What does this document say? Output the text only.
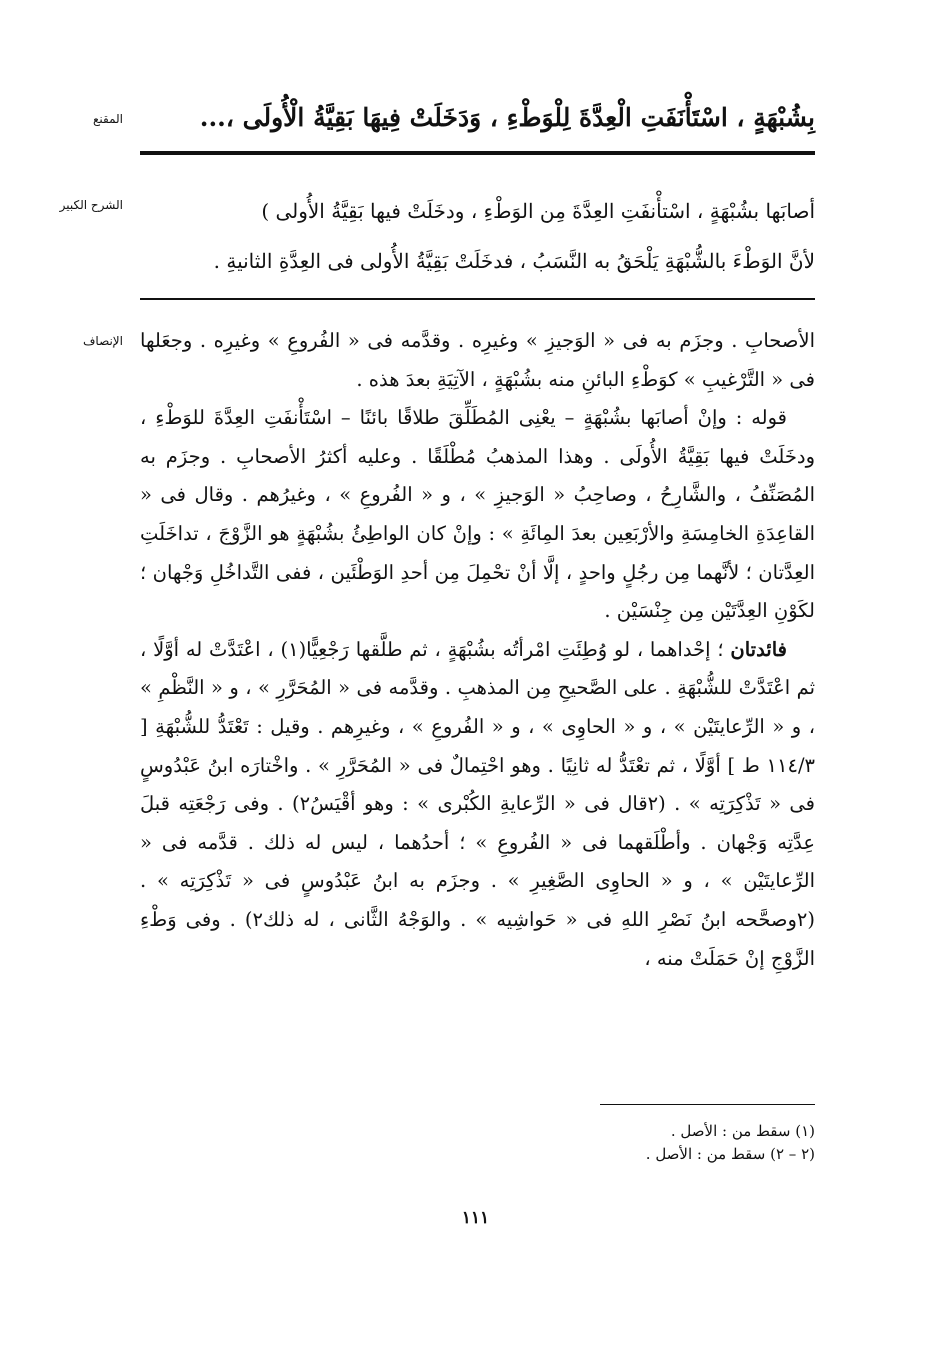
المقنع	بِشُبْهَةٍ ، اسْتَأْنَفَتِ الْعِدَّةَ لِلْوَطْءِ ، وَدَخَلَتْ فِيهَا بَقِيَّةُ الْأُولَى ،...
الشرح الكبير	أصابَها بشُبْهَةٍ ، اسْتأْنفَتِ العِدَّةَ مِن الوَطْءِ ، ودخَلَتْ فيها بَقِيَّةُ الأُولى )

لأنَّ الوَطْءَ بالشُّبْهَةِ يَلْحَقُ به النَّسَبُ ، فدخَلَتْ بَقِيَّةُ الأُولى فى العِدَّةِ الثانيةِ .

الإنصاف الأصحابِ . وجزَم به فى « الوَجيزِ » وغيرِه . وقدَّمه فى « الفُروعِ » وغيرِه . وجعَلها فى « التَّرْغيبِ » كوَطْءِ البائنِ منه بشُبْهَةٍ ، الآتِيَةِ بعدَ هذه .

قوله : وإنْ أصابَها بشُبْهَةٍ – يعْنِى المُطَلِّقَ طلاقًا بائنًا – اسْتَأْنفَتِ العِدَّةَ للوَطْءِ ، ودخَلَتْ فيها بَقِيَّةُ الأُولَى . وهذا المذهبُ مُطْلَقًا . وعليه أكثرُ الأصحابِ . وجزَم به المُصَنِّفُ ، والشَّارِحُ ، وصاحِبُ « الوَجيزِ » ، و « الفُروعِ » ، وغيرُهم . وقال فى « القاعِدَةِ الخامِسَةِ والأرْبَعِين بعدَ المِائَةِ » : وإنْ كان الواطِئُ بشُبْهَةٍ هو الزَّوْجَ ، تداخَلَتِ العِدَّتان ؛ لأنَّهما مِن رجُلٍ واحدٍ ، إلَّا أنْ تحْمِلَ مِن أحدِ الوَطْئَين ، ففى التَّداخُلِ وَجْهان ؛ لكَوْنِ العِدَّتَيْن مِن جِنْسَيْن .

فائدتان ؛ إحْداهما ، لو وُطِئَتِ امْرأتُه بشُبْهَةٍ ، ثم طلَّقها رَجْعِيًّا(١) ، اعْتَدَّتْ له أوَّلًا ، ثم اعْتَدَّتْ للشُّبْهَةِ . على الصَّحيحِ مِن المذهبِ . وقدَّمه فى « المُحَرَّرِ » ، و « النَّظْمِ » ، و « الرِّعايتَيْن » ، و « الحاوِى » ، و « الفُروعِ » ، وغيرِهم . وقيل : تَعْتَدُّ للشُّبْهَةِ [ ١١٤/٣ ط ] أوَّلًا ، ثم تعْتَدُّ له ثانِيًا . وهو احْتِمالٌ فى « المُحَرَّرِ » . واخْتارَه ابنُ عَبْدُوسٍ فى « تَذْكِرَتِه » . (٢قال فى « الرِّعايةِ الكُبْرى » : وهو أقْيَسُ٢) . وفى رَجْعَتِه قبلَ عِدَّتِه وَجْهان . وأطْلَقهما فى « الفُروعِ » ؛ أحدُهما ، ليس له ذلك . قدَّمه فى « الرِّعايتَيْن » ، و « الحاوِى الصَّغِيرِ » . وجزَم به ابنُ عَبْدُوسٍ فى « تَذْكِرَتِه » . (٢وصحَّحه ابنُ نَصْرِ اللهِ فى « حَواشِيه » . والوَجْهُ الثَّانى ، له ذلك٢) . وفى وَطْءِ الزَّوْجِ إنْ حَمَلَتْ منه ،

(١) سقط من : الأصل .

(٢ – ٢) سقط من : الأصل .

١١١
